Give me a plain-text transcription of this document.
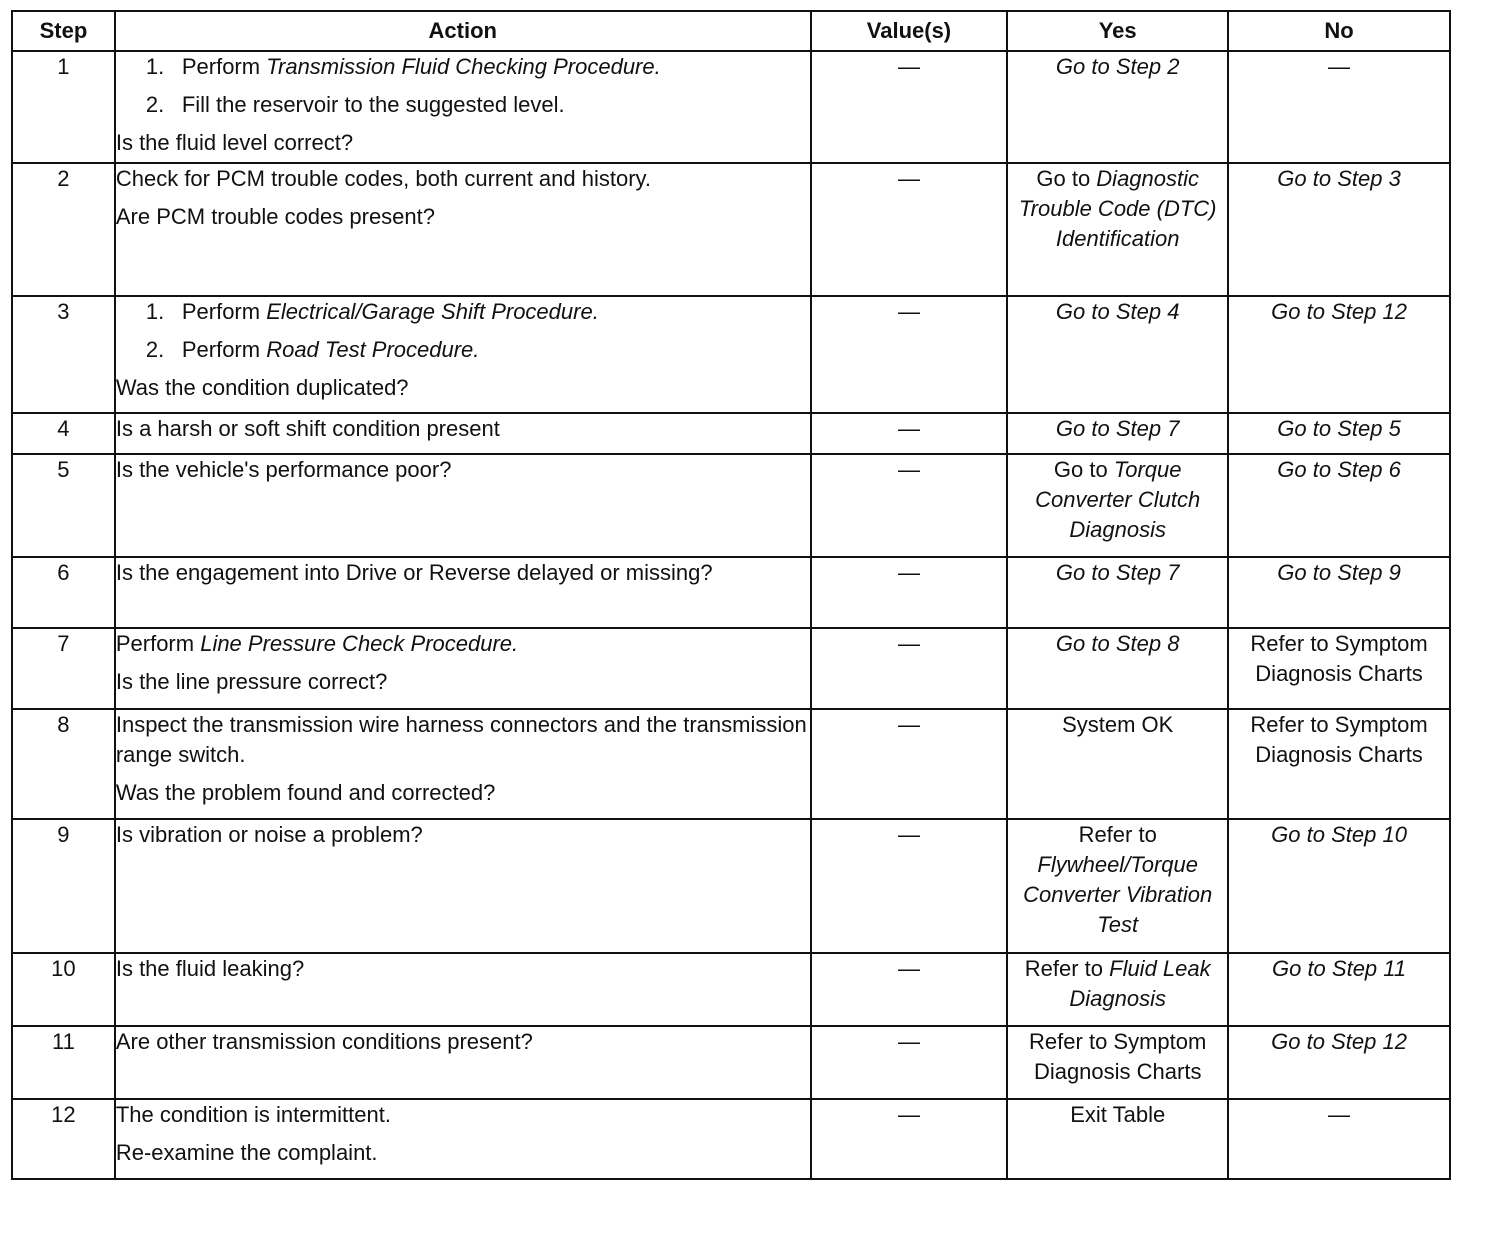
Step	Action	Value(s)	Yes	No
1	1. Perform Transmission Fluid Checking Procedure.
2. Fill the reservoir to the suggested level.
Is the fluid level correct?	—	Go to Step 2	—
2	Check for PCM trouble codes, both current and history.
Are PCM trouble codes present?	—	Go to Diagnostic Trouble Code (DTC) Identification	Go to Step 3
3	1. Perform Electrical/Garage Shift Procedure.
2. Perform Road Test Procedure.
Was the condition duplicated?	—	Go to Step 4	Go to Step 12
4	Is a harsh or soft shift condition present	—	Go to Step 7	Go to Step 5
5	Is the vehicle's performance poor?	—	Go to Torque Converter Clutch Diagnosis	Go to Step 6
6	Is the engagement into Drive or Reverse delayed or missing?	—	Go to Step 7	Go to Step 9
7	Perform Line Pressure Check Procedure.
Is the line pressure correct?	—	Go to Step 8	Refer to Symptom Diagnosis Charts
8	Inspect the transmission wire harness connectors and the transmission range switch.
Was the problem found and corrected?	—	System OK	Refer to Symptom Diagnosis Charts
9	Is vibration or noise a problem?	—	Refer to Flywheel/Torque Converter Vibration Test	Go to Step 10
10	Is the fluid leaking?	—	Refer to Fluid Leak Diagnosis	Go to Step 11
11	Are other transmission conditions present?	—	Refer to Symptom Diagnosis Charts	Go to Step 12
12	The condition is intermittent.
Re-examine the complaint.	—	Exit Table	—
